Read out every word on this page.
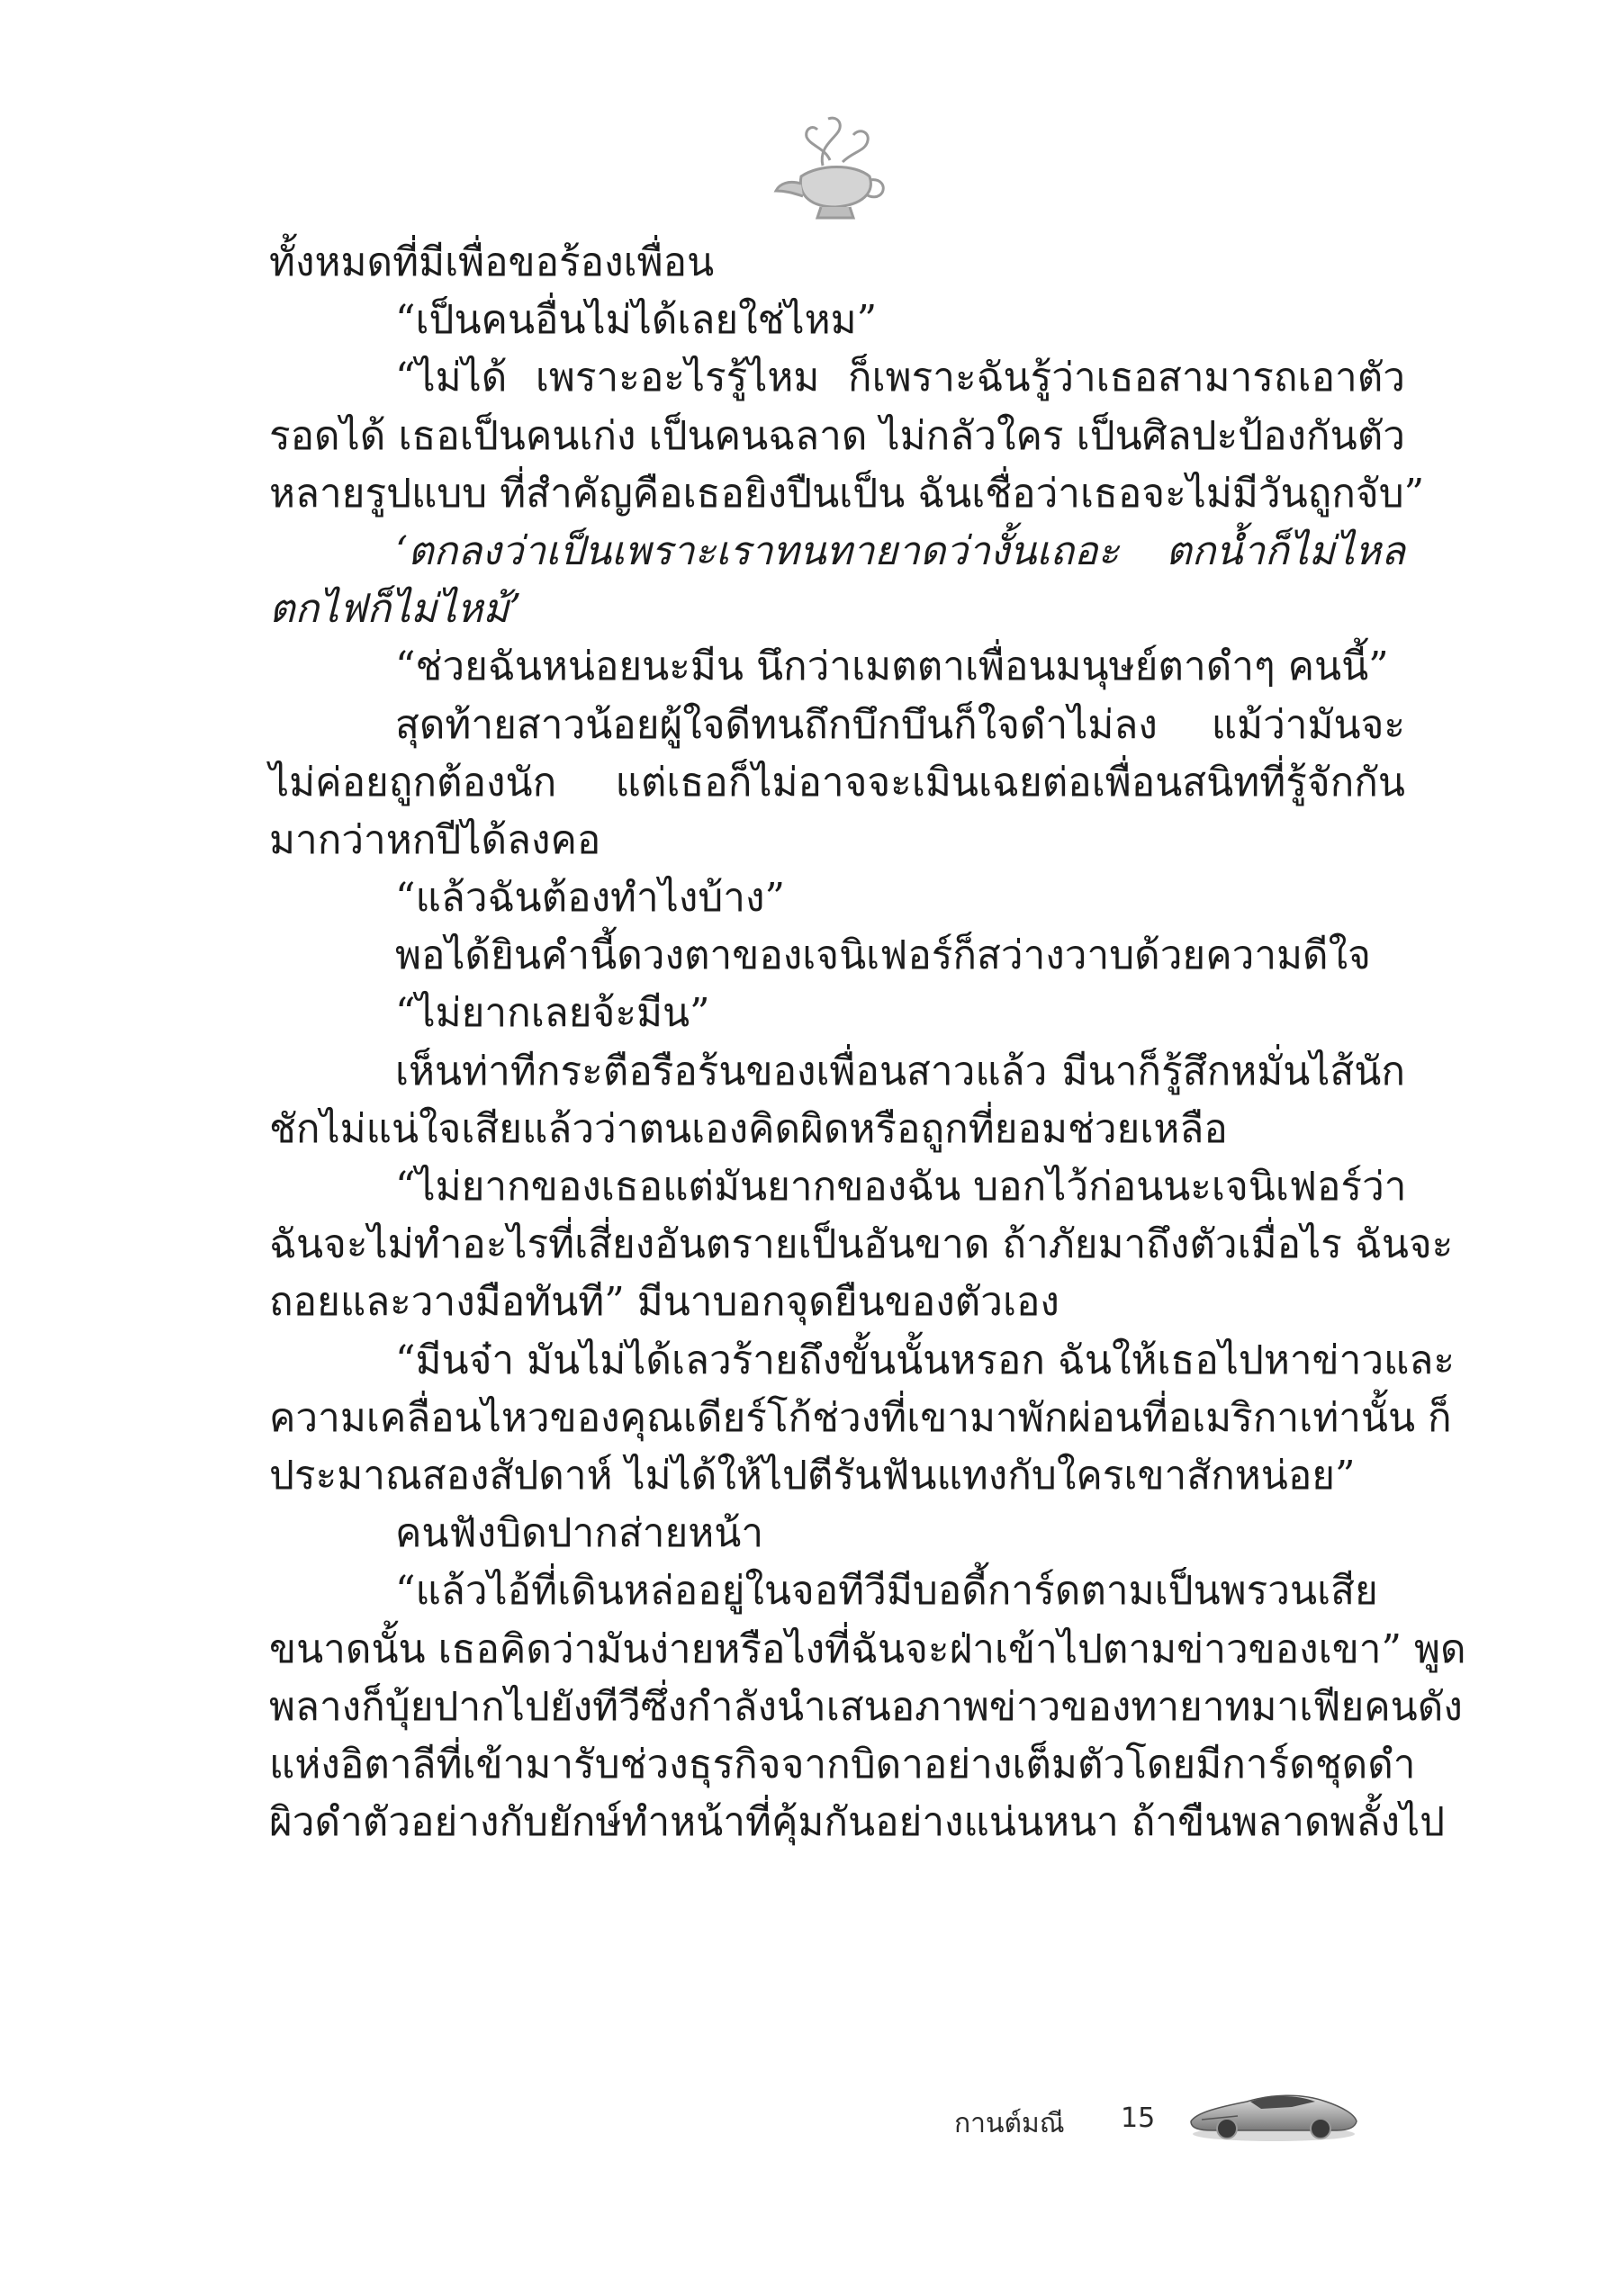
ทั้งหมดที่มีเพื่อขอร้องเพื่อน
“เป็นคนอื่นไม่ได้เลยใช่ไหม”
“ไม่ได้ เพราะอะไรรู้ไหม ก็เพราะฉันรู้ว่าเธอสามารถเอาตัว
รอดได้ เธอเป็นคนเก่ง เป็นคนฉลาด ไม่กลัวใคร เป็นศิลปะป้องกันตัว
หลายรูปแบบ ที่สำคัญคือเธอยิงปืนเป็น ฉันเชื่อว่าเธอจะไม่มีวันถูกจับ”
‘ตกลงว่าเป็นเพราะเราทนทายาดว่างั้นเถอะ ตกน้ำก็ไม่ไหล
ตกไฟก็ไม่ไหม้’
“ช่วยฉันหน่อยนะมีน นึกว่าเมตตาเพื่อนมนุษย์ตาดำๆ คนนี้”
สุดท้ายสาวน้อยผู้ใจดีทนถึกบึกบึนก็ใจดำไม่ลง แม้ว่ามันจะ
ไม่ค่อยถูกต้องนัก แต่เธอก็ไม่อาจจะเมินเฉยต่อเพื่อนสนิทที่รู้จักกัน
มากว่าหกปีได้ลงคอ
“แล้วฉันต้องทำไงบ้าง”
พอได้ยินคำนี้ดวงตาของเจนิเฟอร์ก็สว่างวาบด้วยความดีใจ
“ไม่ยากเลยจ้ะมีน”
เห็นท่าทีกระตือรือร้นของเพื่อนสาวแล้ว มีนาก็รู้สึกหมั่นไส้นัก
ชักไม่แน่ใจเสียแล้วว่าตนเองคิดผิดหรือถูกที่ยอมช่วยเหลือ
“ไม่ยากของเธอแต่มันยากของฉัน บอกไว้ก่อนนะเจนิเฟอร์ว่า
ฉันจะไม่ทำอะไรที่เสี่ยงอันตรายเป็นอันขาด ถ้าภัยมาถึงตัวเมื่อไร ฉันจะ
ถอยและวางมือทันที” มีนาบอกจุดยืนของตัวเอง
“มีนจ๋า มันไม่ได้เลวร้ายถึงขั้นนั้นหรอก ฉันให้เธอไปหาข่าวและ
ความเคลื่อนไหวของคุณเดียร์โก้ช่วงที่เขามาพักผ่อนที่อเมริกาเท่านั้น ก็
ประมาณสองสัปดาห์ ไม่ได้ให้ไปตีรันฟันแทงกับใครเขาสักหน่อย”
คนฟังบิดปากส่ายหน้า
“แล้วไอ้ที่เดินหล่ออยู่ในจอทีวีมีบอดี้การ์ดตามเป็นพรวนเสีย
ขนาดนั้น เธอคิดว่ามันง่ายหรือไงที่ฉันจะฝ่าเข้าไปตามข่าวของเขา” พูด
พลางก็บุ้ยปากไปยังทีวีซึ่งกำลังนำเสนอภาพข่าวของทายาทมาเฟียคนดัง
แห่งอิตาลีที่เข้ามารับช่วงธุรกิจจากบิดาอย่างเต็มตัวโดยมีการ์ดชุดดำ
ผิวดำตัวอย่างกับยักษ์ทำหน้าที่คุ้มกันอย่างแน่นหนา ถ้าขืนพลาดพลั้งไป
กานต์มณี 15
